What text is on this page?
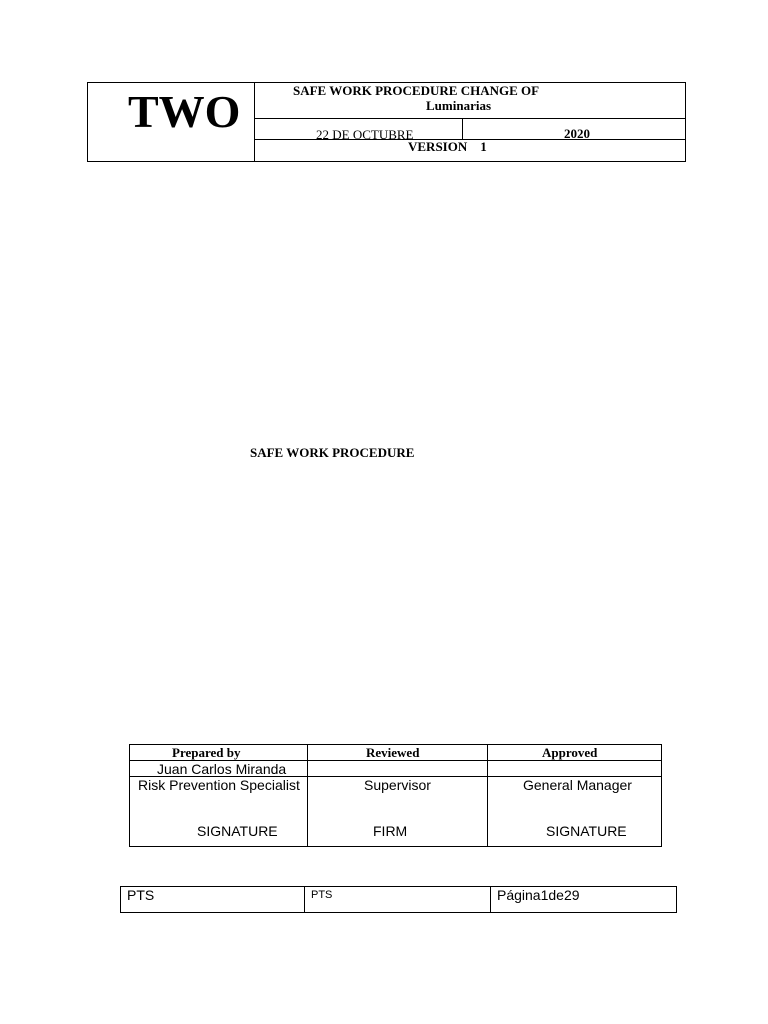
TWO	SAFE WORK PROCEDURE CHANGE OF
Luminarias
22 DE OCTUBRE	2020
VERSION 1
SAFE WORK PROCEDURE
Prepared by	Reviewed	Approved
Juan Carlos Miranda
Risk Prevention Specialist	Supervisor	General Manager
SIGNATURE	FIRM	SIGNATURE
PTS	PTS	Página1de29
